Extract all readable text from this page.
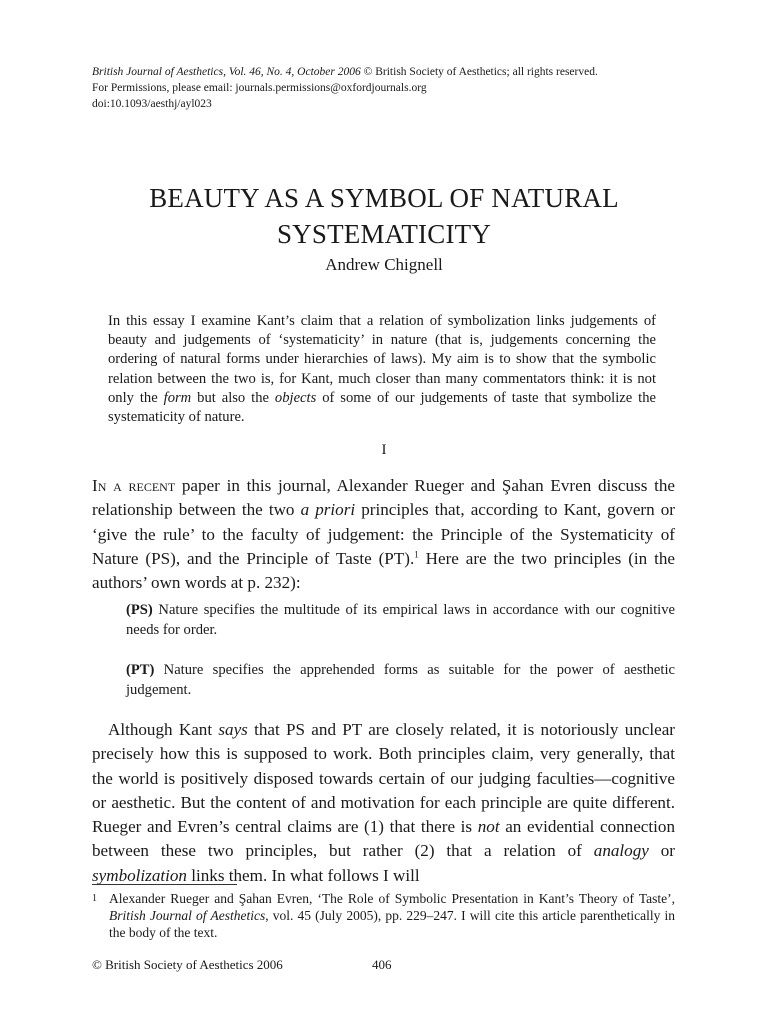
British Journal of Aesthetics, Vol. 46, No. 4, October 2006 © British Society of Aesthetics; all rights reserved.
For Permissions, please email: journals.permissions@oxfordjournals.org
doi:10.1093/aesthj/ayl023
BEAUTY AS A SYMBOL OF NATURAL
SYSTEMATICITY
Andrew Chignell
In this essay I examine Kant’s claim that a relation of symbolization links judgements of beauty and judgements of ‘systematicity’ in nature (that is, judgements concerning the ordering of natural forms under hierarchies of laws). My aim is to show that the symbolic relation between the two is, for Kant, much closer than many commentators think: it is not only the form but also the objects of some of our judgements of taste that symbolize the systematicity of nature.
I
In a recent paper in this journal, Alexander Rueger and Şahan Evren discuss the relationship between the two a priori principles that, according to Kant, govern or ‘give the rule’ to the faculty of judgement: the Principle of the Systematicity of Nature (PS), and the Principle of Taste (PT).$^1$ Here are the two principles (in the authors’ own words at p. 232):
(PS) Nature specifies the multitude of its empirical laws in accordance with our cognitive needs for order.
(PT) Nature specifies the apprehended forms as suitable for the power of aesthetic judgement.
Although Kant says that PS and PT are closely related, it is notoriously unclear precisely how this is supposed to work. Both principles claim, very generally, that the world is positively disposed towards certain of our judging faculties—cognitive or aesthetic. But the content of and motivation for each principle are quite different. Rueger and Evren’s central claims are (1) that there is not an evidential connection between these two principles, but rather (2) that a relation of analogy or symbolization links them. In what follows I will
1 Alexander Rueger and Şahan Evren, ‘The Role of Symbolic Presentation in Kant’s Theory of Taste’, British Journal of Aesthetics, vol. 45 (July 2005), pp. 229–247. I will cite this article parenthetically in the body of the text.
© British Society of Aesthetics 2006	406
